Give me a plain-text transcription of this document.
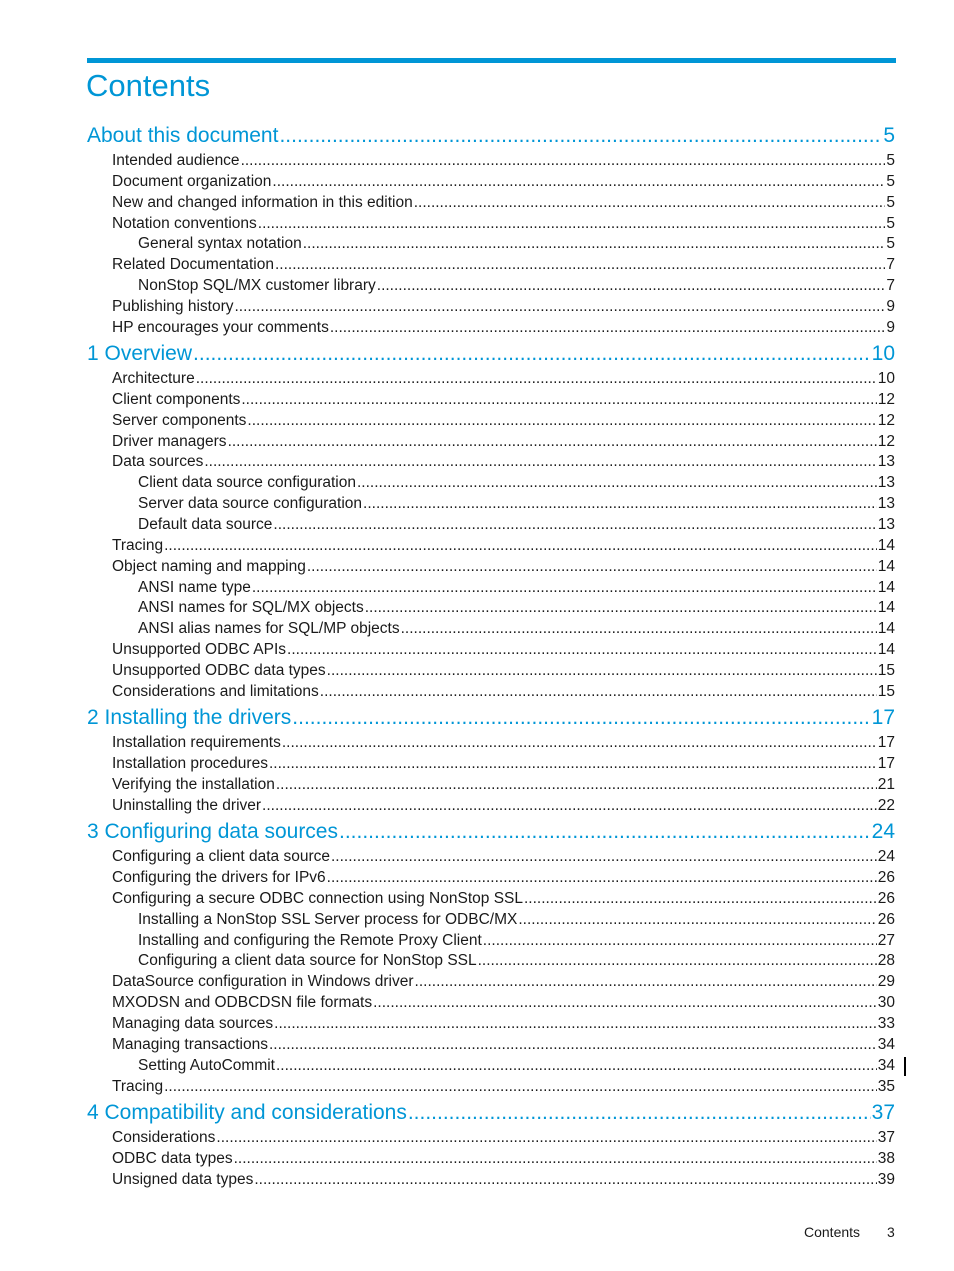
Contents
About this document .....	5
Intended audience .....	5
Document organization .....	5
New and changed information in this edition .....	5
Notation conventions .....	5
General syntax notation .....	5
Related Documentation .....	7
NonStop SQL/MX customer library .....	7
Publishing history .....	9
HP encourages your comments .....	9
1 Overview .....	10
Architecture .....	10
Client components .....	12
Server components .....	12
Driver managers .....	12
Data sources .....	13
Client data source configuration .....	13
Server data source configuration .....	13
Default data source .....	13
Tracing .....	14
Object naming and mapping .....	14
ANSI name type .....	14
ANSI names for SQL/MX objects .....	14
ANSI alias names for SQL/MP objects .....	14
Unsupported ODBC APIs .....	14
Unsupported ODBC data types .....	15
Considerations and limitations .....	15
2 Installing the drivers .....	17
Installation requirements .....	17
Installation procedures .....	17
Verifying the installation .....	21
Uninstalling the driver .....	22
3 Configuring data sources .....	24
Configuring a client data source .....	24
Configuring the drivers for IPv6 .....	26
Configuring a secure ODBC connection using NonStop SSL .....	26
Installing a NonStop SSL Server process for ODBC/MX .....	26
Installing and configuring the Remote Proxy Client .....	27
Configuring a client data source for NonStop SSL .....	28
DataSource configuration in Windows driver .....	29
MXODSN and ODBCDSN file formats .....	30
Managing data sources .....	33
Managing transactions .....	34
Setting AutoCommit .....	34
Tracing .....	35
4 Compatibility and considerations .....	37
Considerations .....	37
ODBC data types .....	38
Unsigned data types .....	39
Contents 3
